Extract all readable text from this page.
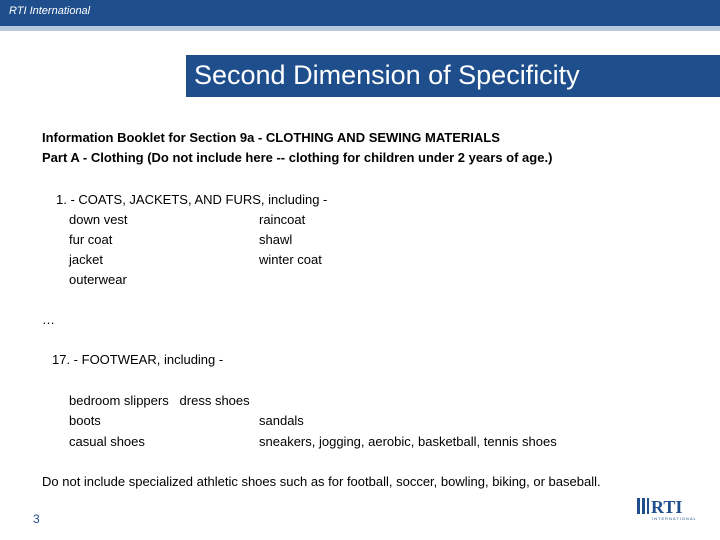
RTI International
Second Dimension of Specificity
Information Booklet for Section 9a - CLOTHING AND SEWING MATERIALS
Part A - Clothing (Do not include here -- clothing for children under 2 years of age.)
1. - COATS, JACKETS, AND FURS, including -
down vest
fur coat
jacket
outerwear
raincoat
shawl
winter coat
…
17. - FOOTWEAR, including -
bedroom slippers   dress shoes
boots
casual shoes
sandals
sneakers, jogging, aerobic, basketball, tennis shoes
Do not include specialized athletic shoes such as for football, soccer, bowling, biking, or baseball.
3
RTI
INTERNATIONAL
